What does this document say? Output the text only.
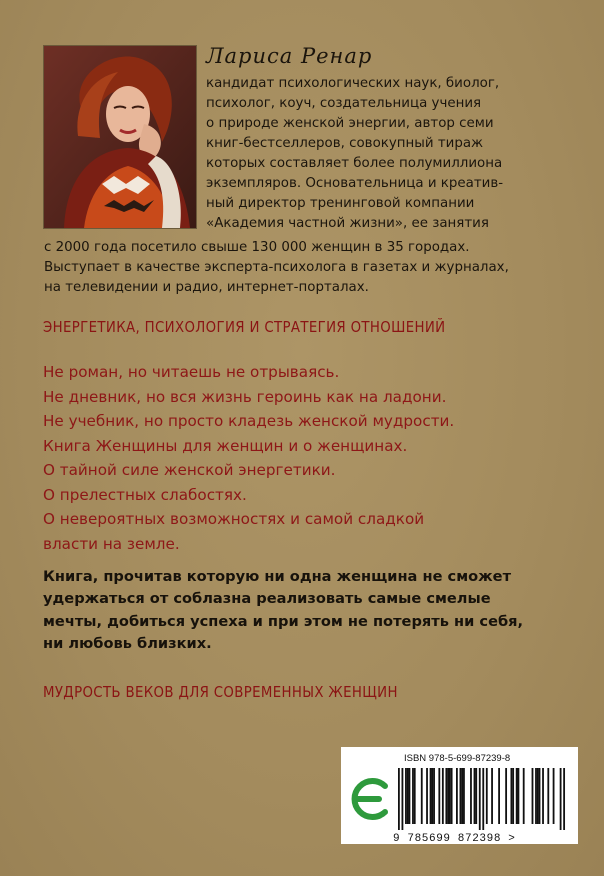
Лариса Ренар
кандидат психологических наук, биолог,
психолог, коуч, создательница учения
о природе женской энергии, автор семи
книг-бестселлеров, совокупный тираж
которых составляет более полумиллиона
экземпляров. Основательница и креатив-
ный директор тренинговой компании
«Академия частной жизни», ее занятия
с 2000 года посетило свыше 130 000 женщин в 35 городах.
Выступает в качестве эксперта-психолога в газетах и журналах,
на телевидении и радио, интернет-порталах.
ЭНЕРГЕТИКА, ПСИХОЛОГИЯ И СТРАТЕГИЯ ОТНОШЕНИЙ
Не роман, но читаешь не отрываясь.
Не дневник, но вся жизнь героинь как на ладони.
Не учебник, но просто кладезь женской мудрости.
Книга Женщины для женщин и о женщинах.
О тайной силе женской энергетики.
О прелестных слабостях.
О невероятных возможностях и самой сладкой
власти на земле.
Книга, прочитав которую ни одна женщина не сможет
удержаться от соблазна реализовать самые смелые
мечты, добиться успеха и при этом не потерять ни себя,
ни любовь близких.
МУДРОСТЬ ВЕКОВ ДЛЯ СОВРЕМЕННЫХ ЖЕНЩИН
ISBN 978-5-699-87239-8
9 785699 872398 >
